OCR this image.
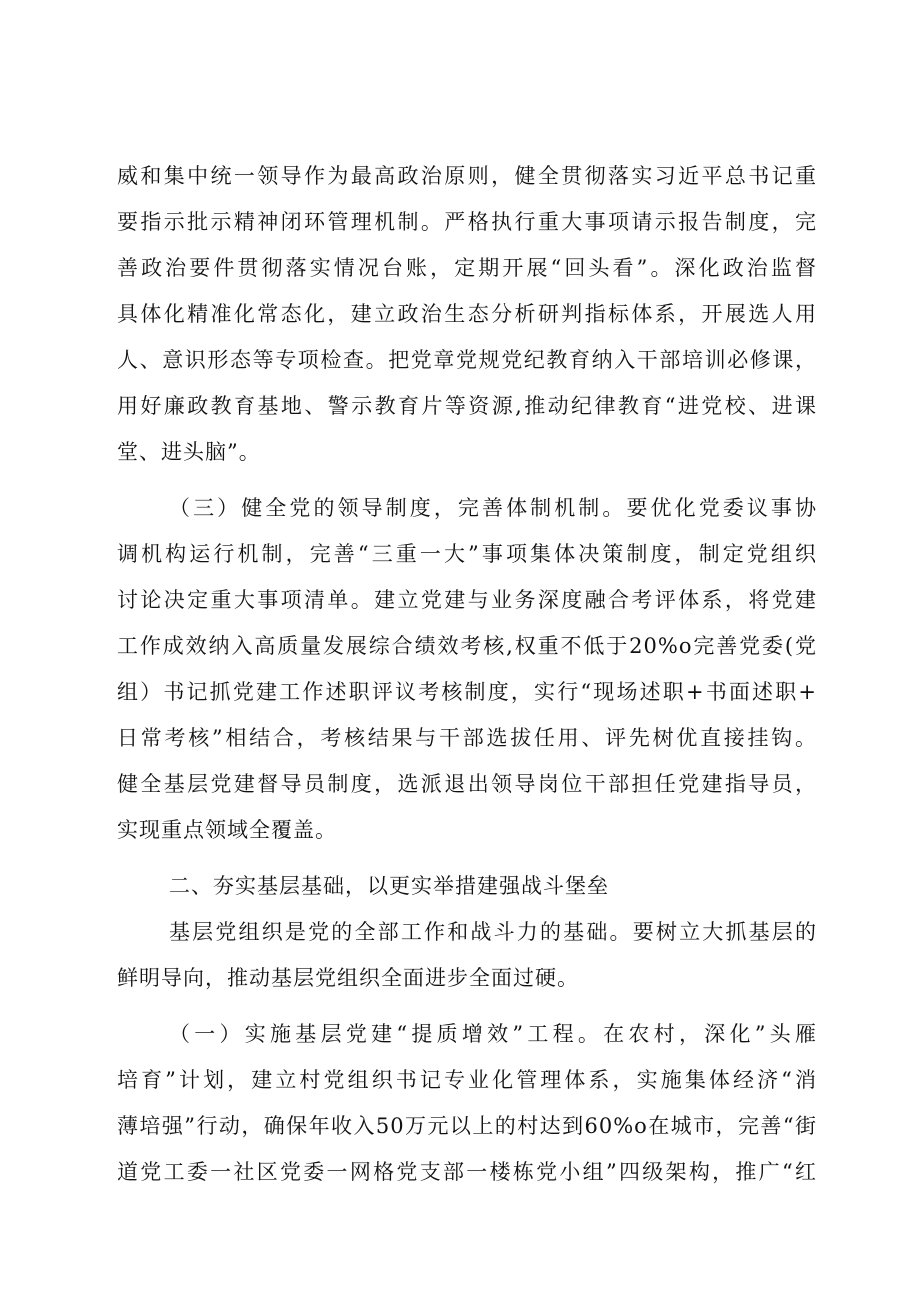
威和集中统一领导作为最高政治原则，健全贯彻落实习近平总书记重
要指示批示精神闭环管理机制。严格执行重大事项请示报告制度，完
善政治要件贯彻落实情况台账，定期开展“回头看”。深化政治监督
具体化精准化常态化，建立政治生态分析研判指标体系，开展选人用
人、意识形态等专项检查。把党章党规党纪教育纳入干部培训必修课，
用好廉政教育基地、警示教育片等资源,推动纪律教育“进党校、进课
堂、进头脑”。
（三）健全党的领导制度，完善体制机制。要优化党委议事协
调机构运行机制，完善“三重一大”事项集体决策制度，制定党组织
讨论决定重大事项清单。建立党建与业务深度融合考评体系，将党建
工作成效纳入高质量发展综合绩效考核,权重不低于20%o完善党委(党
组）书记抓党建工作述职评议考核制度，实行“现场述职+书面述职+
日常考核”相结合，考核结果与干部选拔任用、评先树优直接挂钩。
健全基层党建督导员制度，选派退出领导岗位干部担任党建指导员，
实现重点领域全覆盖。
二、夯实基层基础，以更实举措建强战斗堡垒
基层党组织是党的全部工作和战斗力的基础。要树立大抓基层的
鲜明导向，推动基层党组织全面进步全面过硬。
（一）实施基层党建“提质增效”工程。在农村，深化”头雁
培育”计划，建立村党组织书记专业化管理体系，实施集体经济“消
薄培强”行动，确保年收入50万元以上的村达到60%o在城市，完善“街
道党工委一社区党委一网格党支部一楼栋党小组”四级架构，推广“红
